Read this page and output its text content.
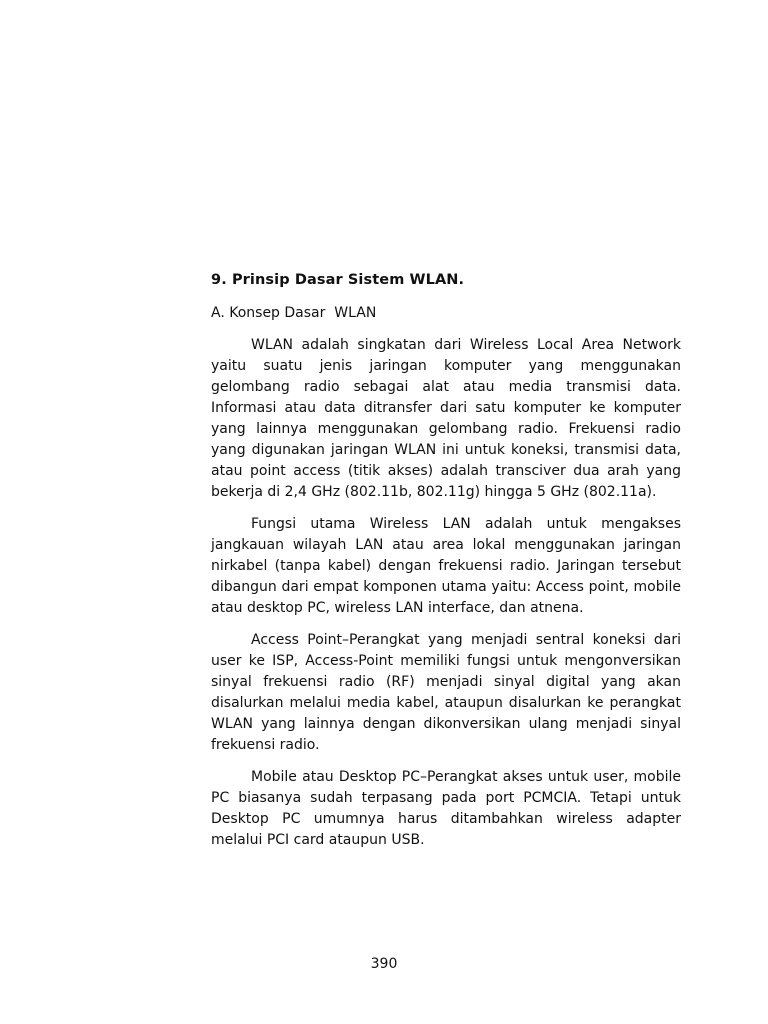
9. Prinsip Dasar Sistem WLAN.
A. Konsep Dasar  WLAN

WLAN adalah singkatan dari Wireless Local Area Network yaitu suatu jenis jaringan komputer yang menggunakan gelombang radio sebagai alat atau media transmisi data. Informasi atau data ditransfer dari satu komputer ke komputer yang lainnya menggunakan gelombang radio. Frekuensi radio yang digunakan jaringan WLAN ini untuk koneksi, transmisi data, atau point access (titik akses) adalah transciver dua arah yang bekerja di 2,4 GHz (802.11b, 802.11g) hingga 5 GHz (802.11a).

Fungsi utama Wireless LAN adalah untuk mengakses jangkauan wilayah LAN atau area lokal menggunakan jaringan nirkabel (tanpa kabel) dengan frekuensi radio. Jaringan tersebut dibangun dari empat komponen utama yaitu: Access point, mobile atau desktop PC, wireless LAN interface, dan atnena.

Access Point–Perangkat yang menjadi sentral koneksi dari user ke ISP, Access-Point memiliki fungsi untuk mengonversikan sinyal frekuensi radio (RF) menjadi sinyal digital yang akan disalurkan melalui media kabel, ataupun disalurkan ke perangkat WLAN yang lainnya dengan dikonversikan ulang menjadi sinyal frekuensi radio.

Mobile atau Desktop PC–Perangkat akses untuk user, mobile PC biasanya sudah terpasang pada port PCMCIA. Tetapi untuk Desktop PC umumnya harus ditambahkan wireless adapter melalui PCI card ataupun USB.

390
